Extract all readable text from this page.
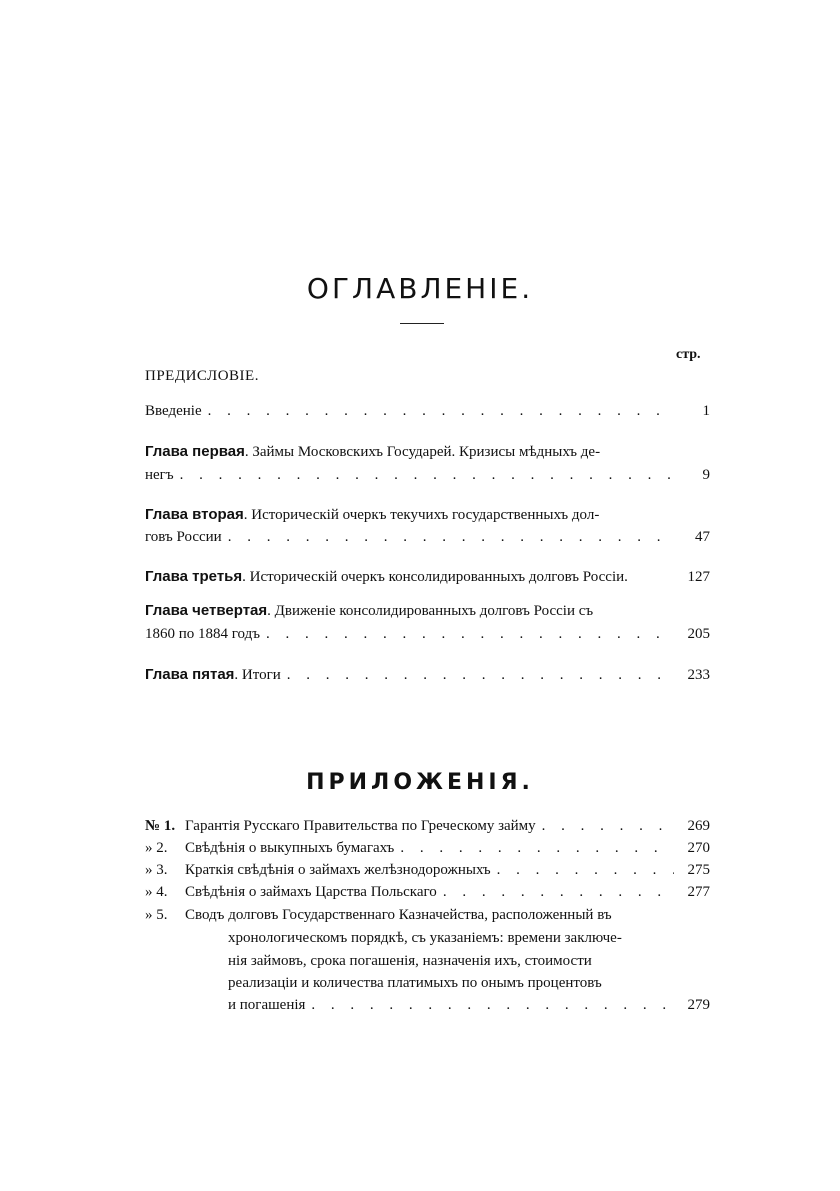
ОГЛАВЛЕНІЕ.
стр.
ПРЕДИСЛОВІЕ.
Введеніе . . .	1
Глава первая . Займы Московскихъ Государей. Кризисы мѣдныхъ де-
негъ . . .	9
Глава вторая . Историческій очеркъ текучихъ государственныхъ дол-
говъ России . . .	47
Глава третья . Историческій очеркъ консолидированныхъ долговъ Россіи.	127
Глава четвертая . Движеніе консолидированныхъ долговъ Россіи съ
1860 по 1884 годъ . . .	205
Глава пятая . Итоги . . .	233
ПРИЛОЖЕНІЯ.
№ 1. Гарантія Русскаго Правительства по Греческому займу . . .	269
» 2.	Свѣдѣнія о выкупныхъ бумагахъ . . .	270
» 3.	Краткія свѣдѣнія о займахъ желѣзнодорожныхъ . . .	275
» 4.	Свѣдѣнія о займахъ Царства Польскаго . . .	277
» 5.	Сводъ долговъ Государственнаго Казначейства, расположенный въ
хронологическомъ порядкѣ, съ указаніемъ: времени заключе-
нія займовъ, срока погашенія, назначенія ихъ, стоимости
реализаціи и количества платимыхъ по онымъ процентовъ
и погашенія . . .	279
